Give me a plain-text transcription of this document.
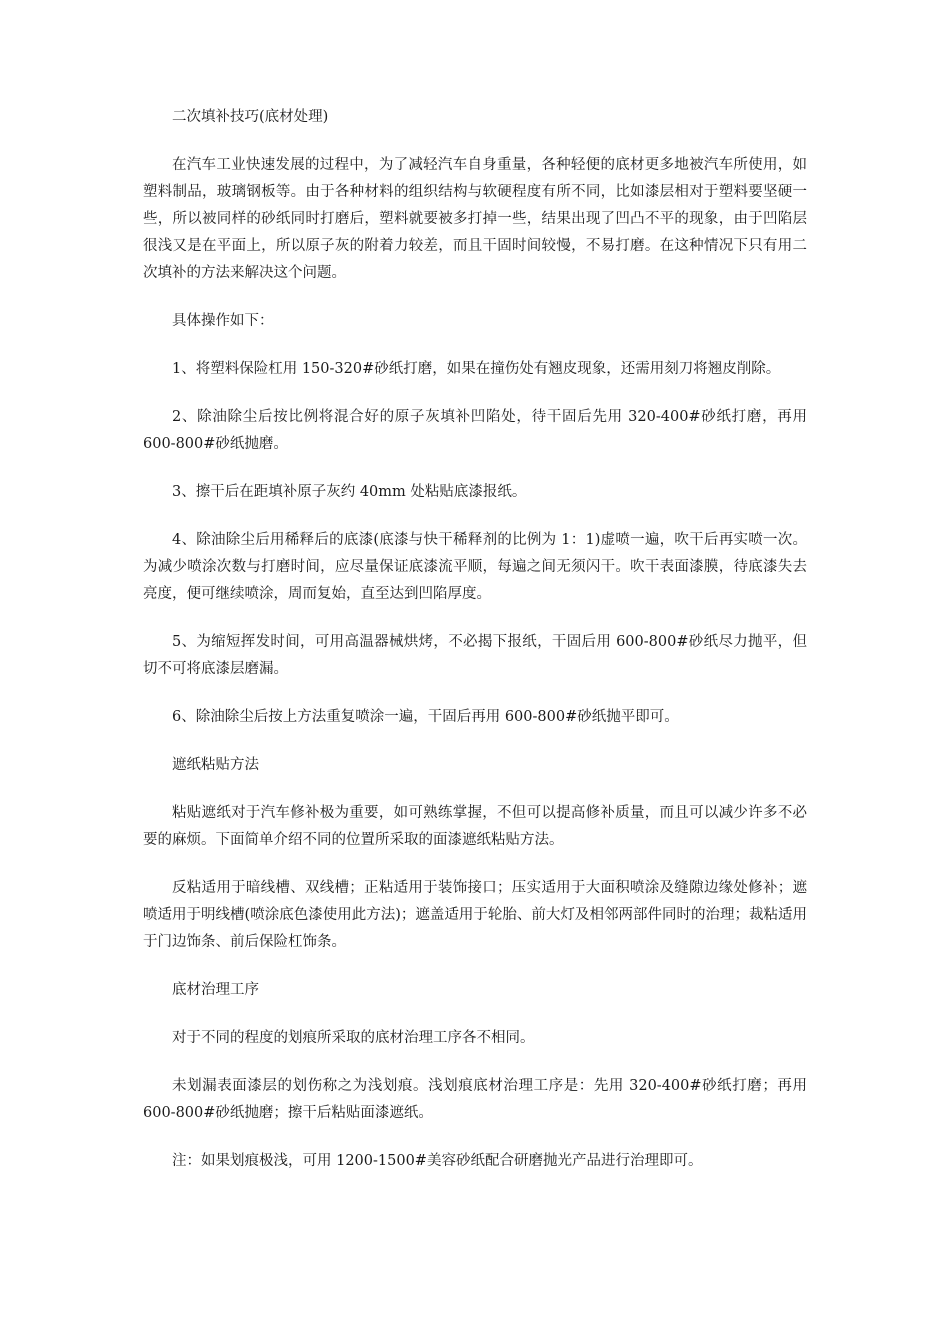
二次填补技巧(底材处理)

在汽车工业快速发展的过程中，为了减轻汽车自身重量，各种轻便的底材更多地被汽车所使用，如塑料制品，玻璃钢板等。由于各种材料的组织结构与软硬程度有所不同，比如漆层相对于塑料要坚硬一些，所以被同样的砂纸同时打磨后，塑料就要被多打掉一些，结果出现了凹凸不平的现象，由于凹陷层很浅又是在平面上，所以原子灰的附着力较差，而且干固时间较慢，不易打磨。在这种情况下只有用二次填补的方法来解决这个问题。

具体操作如下：

1、将塑料保险杠用 150-320#砂纸打磨，如果在撞伤处有翘皮现象，还需用刻刀将翘皮削除。

2、除油除尘后按比例将混合好的原子灰填补凹陷处，待干固后先用 320-400#砂纸打磨，再用 600-800#砂纸抛磨。

3、擦干后在距填补原子灰约 40mm 处粘贴底漆报纸。

4、除油除尘后用稀释后的底漆(底漆与快干稀释剂的比例为 1：1)虚喷一遍，吹干后再实喷一次。为减少喷涂次数与打磨时间，应尽量保证底漆流平顺，每遍之间无须闪干。吹干表面漆膜，待底漆失去亮度，便可继续喷涂，周而复始，直至达到凹陷厚度。

5、为缩短挥发时间，可用高温器械烘烤，不必揭下报纸，干固后用 600-800#砂纸尽力抛平，但切不可将底漆层磨漏。

6、除油除尘后按上方法重复喷涂一遍，干固后再用 600-800#砂纸抛平即可。

遮纸粘贴方法

粘贴遮纸对于汽车修补极为重要，如可熟练掌握，不但可以提高修补质量，而且可以减少许多不必要的麻烦。下面简单介绍不同的位置所采取的面漆遮纸粘贴方法。

反粘适用于暗线槽、双线槽；正粘适用于装饰接口；压实适用于大面积喷涂及缝隙边缘处修补；遮喷适用于明线槽(喷涂底色漆使用此方法)；遮盖适用于轮胎、前大灯及相邻两部件同时的治理；裁粘适用于门边饰条、前后保险杠饰条。

底材治理工序

对于不同的程度的划痕所采取的底材治理工序各不相同。

未划漏表面漆层的划伤称之为浅划痕。浅划痕底材治理工序是：先用 320-400#砂纸打磨；再用 600-800#砂纸抛磨；擦干后粘贴面漆遮纸。

注：如果划痕极浅，可用 1200-1500#美容砂纸配合研磨抛光产品进行治理即可。
